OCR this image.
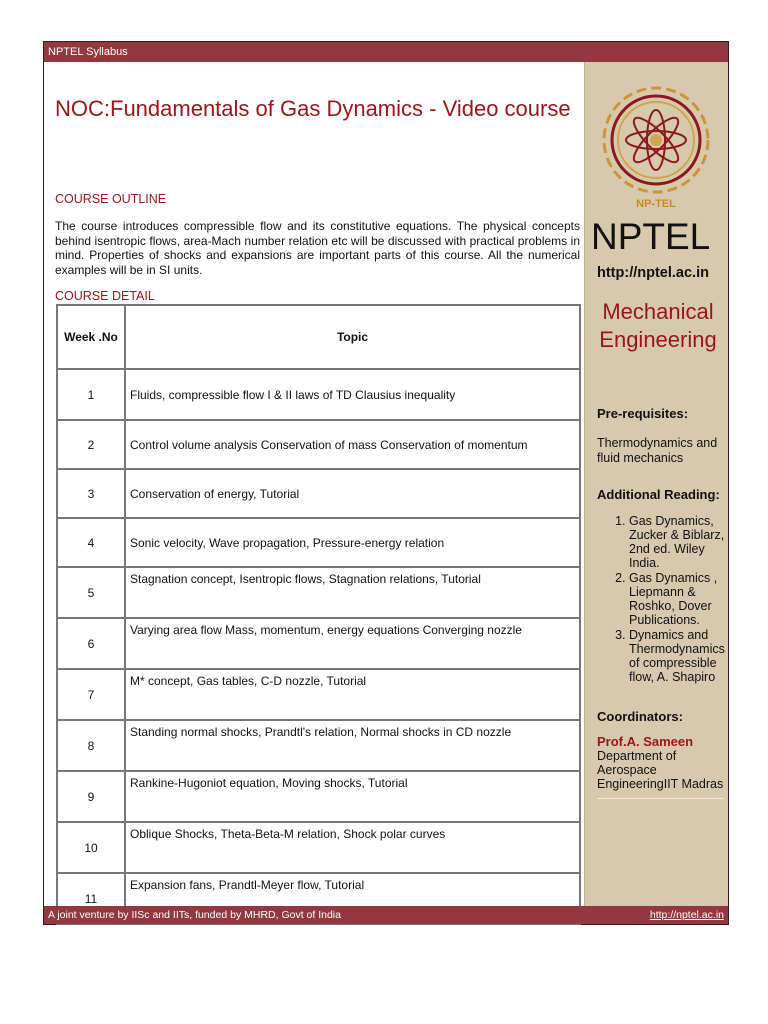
NPTEL Syllabus
NOC:Fundamentals of Gas Dynamics - Video course
COURSE OUTLINE
The course introduces compressible flow and its constitutive equations. The physical concepts behind isentropic flows, area-Mach number relation etc will be discussed with practical problems in mind. Properties of shocks and expansions are important parts of this course. All the numerical examples will be in SI units.
COURSE DETAIL
Week .No	Topic
1	Fluids, compressible flow I & II laws of TD Clausius inequality
2	Control volume analysis Conservation of mass Conservation of momentum
3	Conservation of energy, Tutorial
4	Sonic velocity, Wave propagation, Pressure-energy relation
5	Stagnation concept, Isentropic flows, Stagnation relations, Tutorial
6	Varying area flow Mass, momentum, energy equations Converging nozzle
7	M* concept, Gas tables, C-D nozzle, Tutorial
8	Standing normal shocks, Prandtl's relation, Normal shocks in CD nozzle
9	Rankine-Hugoniot equation, Moving shocks, Tutorial
10	Oblique Shocks, Theta-Beta-M relation, Shock polar curves
11	Expansion fans, Prandtl-Meyer flow, Tutorial
NP-TEL
NPTEL
http://nptel.ac.in
Mechanical Engineering
Pre-requisites:
Thermodynamics and fluid mechanics
Additional Reading:
1. Gas Dynamics, Zucker & Biblarz, 2nd ed. Wiley India.
2. Gas Dynamics , Liepmann & Roshko, Dover Publications.
3. Dynamics and Thermodynamics of compressible flow, A. Shapiro
Coordinators:
Prof.A. Sameen
Department of Aerospace EngineeringIIT Madras
A joint venture by IISc and IITs, funded by MHRD, Govt of India	http://nptel.ac.in
